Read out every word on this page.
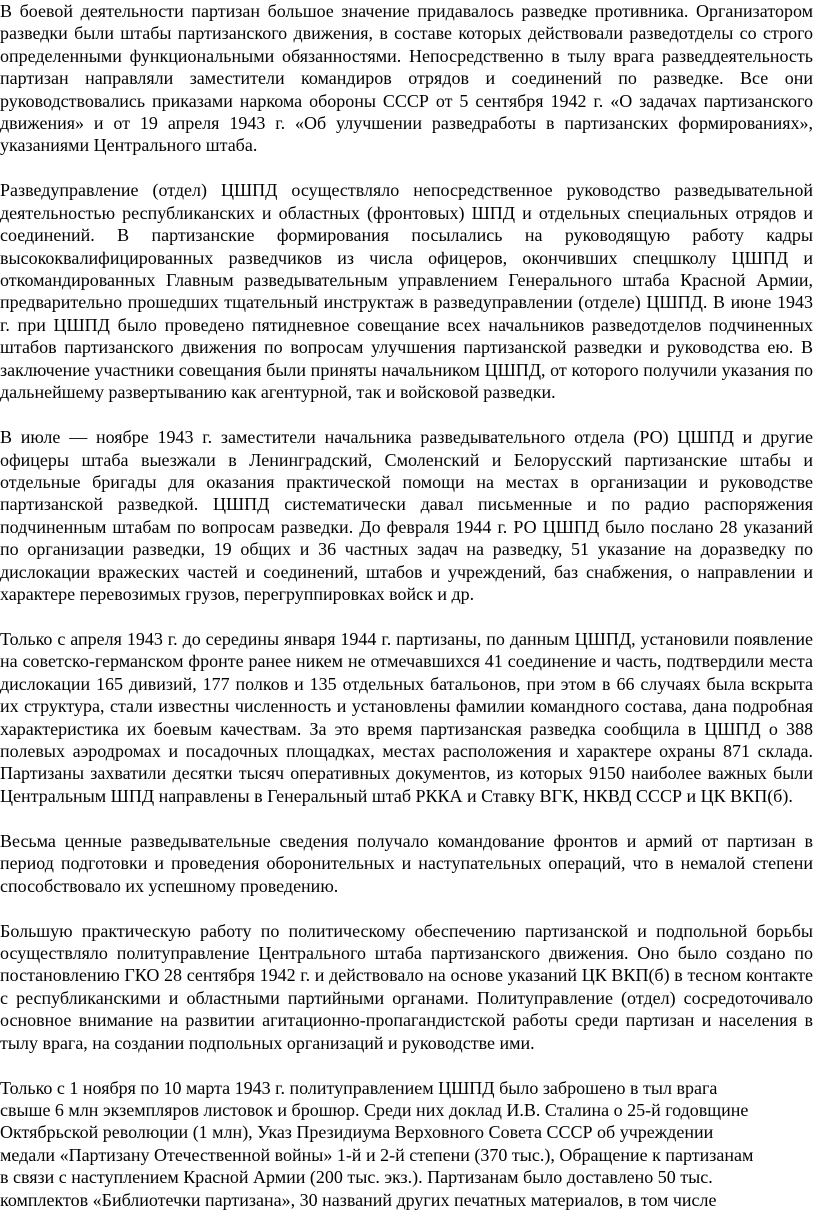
В боевой деятельности партизан большое значение придавалось разведке противника. Организатором разведки были штабы партизанского движения, в составе которых действовали разведотделы со строго определенными функциональными обязанностями. Непосредственно в тылу врага разведдеятельность партизан направляли заместители командиров отрядов и соединений по разведке. Все они руководствовались приказами наркома обороны СССР от 5 сентября 1942 г. «О задачах партизанского движения» и от 19 апреля 1943 г. «Об улучшении разведработы в партизанских формированиях», указаниями Центрального штаба.

Разведуправление (отдел) ЦШПД осуществляло непосредственное руководство разведывательной деятельностью республиканских и областных (фронтовых) ШПД и отдельных специальных отрядов и соединений. В партизанские формирования посылались на руководящую работу кадры высококвалифицированных разведчиков из числа офицеров, окончивших спецшколу ЦШПД и откомандированных Главным разведывательным управлением Генерального штаба Красной Армии, предварительно прошедших тщательный инструктаж в разведуправлении (отделе) ЦШПД. В июне 1943 г. при ЦШПД было проведено пятидневное совещание всех начальников разведотделов подчиненных штабов партизанского движения по вопросам улучшения партизанской разведки и руководства ею. В заключение участники совещания были приняты начальником ЦШПД, от которого получили указания по дальнейшему развертыванию как агентурной, так и войсковой разведки.

В июле — ноябре 1943 г. заместители начальника разведывательного отдела (РО) ЦШПД и другие офицеры штаба выезжали в Ленинградский, Смоленский и Белорусский партизанские штабы и отдельные бригады для оказания практической помощи на местах в организации и руководстве партизанской разведкой. ЦШПД систематически давал письменные и по радио распоряжения подчиненным штабам по вопросам разведки. До февраля 1944 г. РО ЦШПД было послано 28 указаний по организации разведки, 19 общих и 36 частных задач на разведку, 51 указание на доразведку по дислокации вражеских частей и соединений, штабов и учреждений, баз снабжения, о направлении и характере перевозимых грузов, перегруппировках войск и др.

Только с апреля 1943 г. до середины января 1944 г. партизаны, по данным ЦШПД, установили появление на советско-германском фронте ранее никем не отмечавшихся 41 соединение и часть, подтвердили места дислокации 165 дивизий, 177 полков и 135 отдельных батальонов, при этом в 66 случаях была вскрыта их структура, стали известны численность и установлены фамилии командного состава, дана подробная характеристика их боевым качествам. За это время партизанская разведка сообщила в ЦШПД о 388 полевых аэродромах и посадочных площадках, местах расположения и характере охраны 871 склада. Партизаны захватили десятки тысяч оперативных документов, из которых 9150 наиболее важных были Центральным ШПД направлены в Генеральный штаб РККА и Ставку ВГК, НКВД СССР и ЦК ВКП(б).

Весьма ценные разведывательные сведения получало командование фронтов и армий от партизан в период подготовки и проведения оборонительных и наступательных операций, что в немалой степени способствовало их успешному проведению.

Большую практическую работу по политическому обеспечению партизанской и подпольной борьбы осуществляло политуправление Центрального штаба партизанского движения. Оно было создано по постановлению ГКО 28 сентября 1942 г. и действовало на основе указаний ЦК ВКП(б) в тесном контакте с республиканскими и областными партийными органами. Политуправление (отдел) сосредоточивало основное внимание на развитии агитационно-пропагандистской работы среди партизан и населения в тылу врага, на создании подпольных организаций и руководстве ими.

Только с 1 ноября по 10 марта 1943 г. политуправлением ЦШПД было заброшено в тыл врага
свыше 6 млн экземпляров листовок и брошюр. Среди них доклад И.В. Сталина о 25-й годовщине
Октябрьской революции (1 млн), Указ Президиума Верховного Совета СССР об учреждении
медали «Партизану Отечественной войны» 1-й и 2-й степени (370 тыс.), Обращение к партизанам
в связи с наступлением Красной Армии (200 тыс. экз.). Партизанам было доставлено 50 тыс.
комплектов «Библиотечки партизана», 30 названий других печатных материалов, в том числе
